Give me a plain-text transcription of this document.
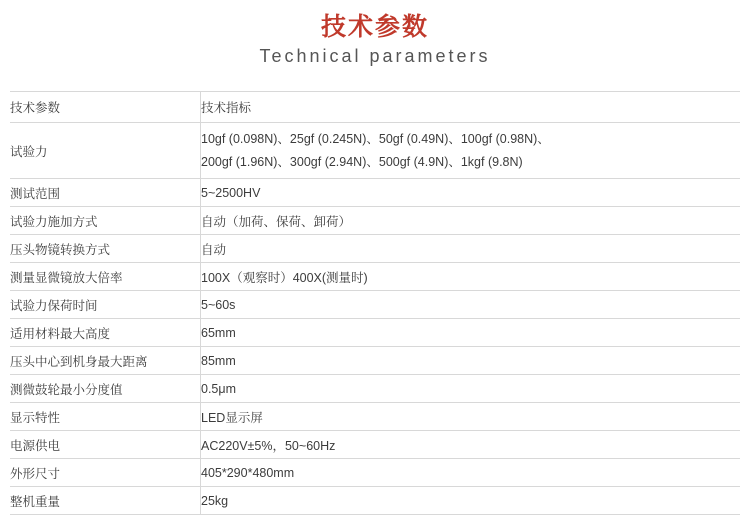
技术参数
Technical parameters
技术参数	技术指标
试验力	10gf (0.098N)、25gf (0.245N)、50gf (0.49N)、100gf (0.98N)、
200gf (1.96N)、300gf (2.94N)、500gf (4.9N)、1kgf (9.8N)

测试范围	5~2500HV
试验力施加方式	自动（加荷、保荷、卸荷）
压头物镜转换方式	自动
测量显微镜放大倍率	100X（观察时）400X(测量时)
试验力保荷时间	5~60s
适用材料最大高度	65mm
压头中心到机身最大距离	85mm
测微鼓轮最小分度值	0.5μm
显示特性	LED显示屏
电源供电	AC220V±5%，50~60Hz
外形尺寸	405*290*480mm
整机重量	25kg
